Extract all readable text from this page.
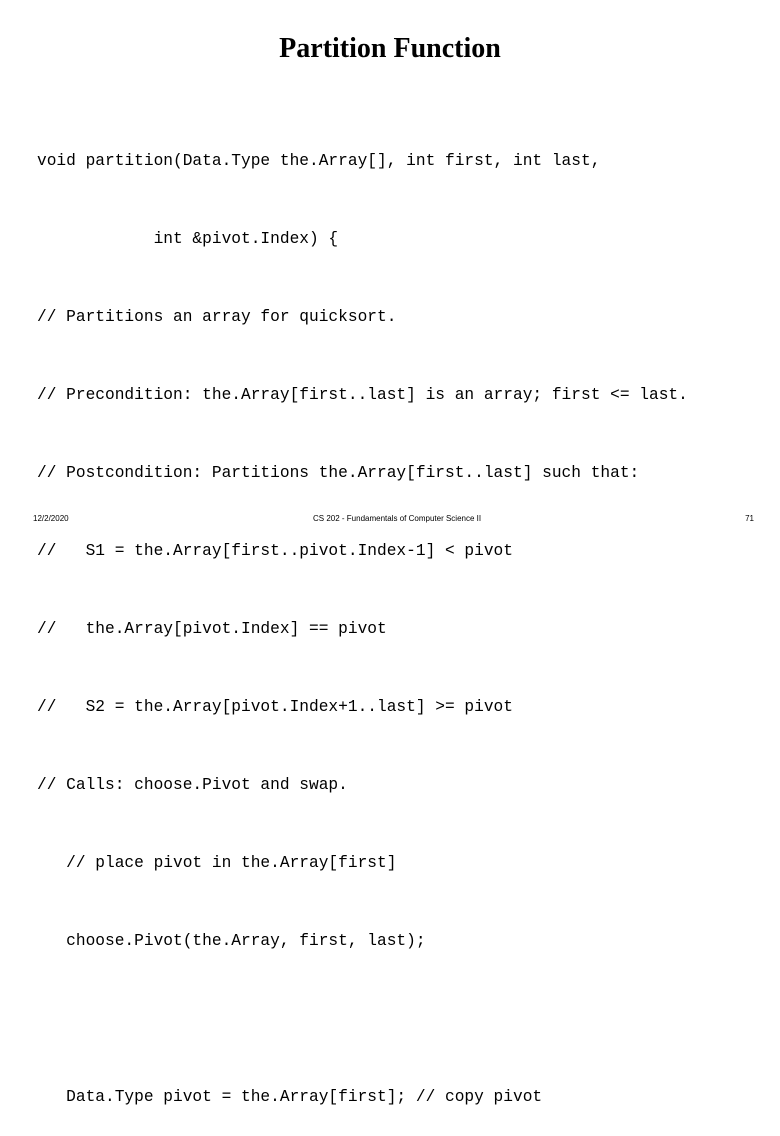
Partition Function

void partition(Data.Type the.Array[], int first, int last,

int &pivot.Index) {

// Partitions an array for quicksort.

// Precondition: the.Array[first..last] is an array; first <= last.

// Postcondition: Partitions the.Array[first..last] such that:

//   S1 = the.Array[first..pivot.Index-1] < pivot

//   the.Array[pivot.Index] == pivot

//   S2 = the.Array[pivot.Index+1..last] >= pivot

// Calls: choose.Pivot and swap.

// place pivot in the.Array[first]

choose.Pivot(the.Array, first, last);

Data.Type pivot = the.Array[first]; // copy pivot

12/2/2020	CS 202 - Fundamentals of Computer Science II	71
